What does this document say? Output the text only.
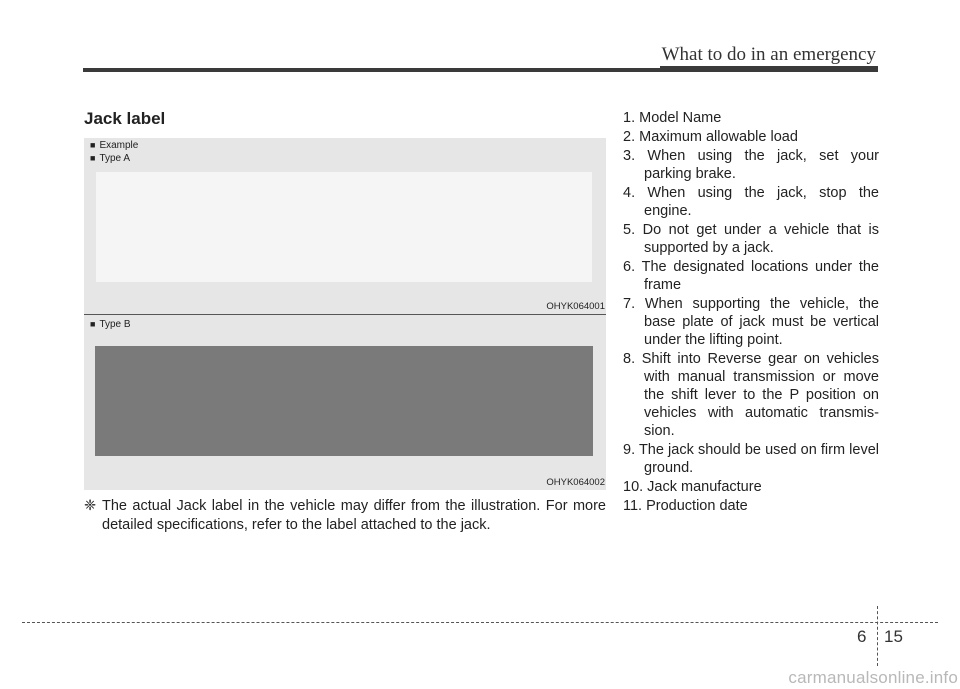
What to do in an emergency
Jack label
■ Example
■ Type A
OHYK064001
■ Type B
OHYK064002
❈ The actual Jack label in the vehicle may differ from the illustration. For more detailed specifications, refer to the label attached to the jack.
1. Model Name
2. Maximum allowable load
3. When using the jack, set your parking brake.
4. When using the jack, stop the engine.
5. Do not get under a vehicle that is supported by a jack.
6. The designated locations under the frame
7. When supporting the vehicle, the base plate of jack must be vertical under the lifting point.
8. Shift into Reverse gear on vehicles with manual transmission or move the shift lever to the P position on vehicles with automatic transmis-sion.
9. The jack should be used on firm level ground.
10. Jack manufacture
11. Production date
6 15
carmanualsonline.info
